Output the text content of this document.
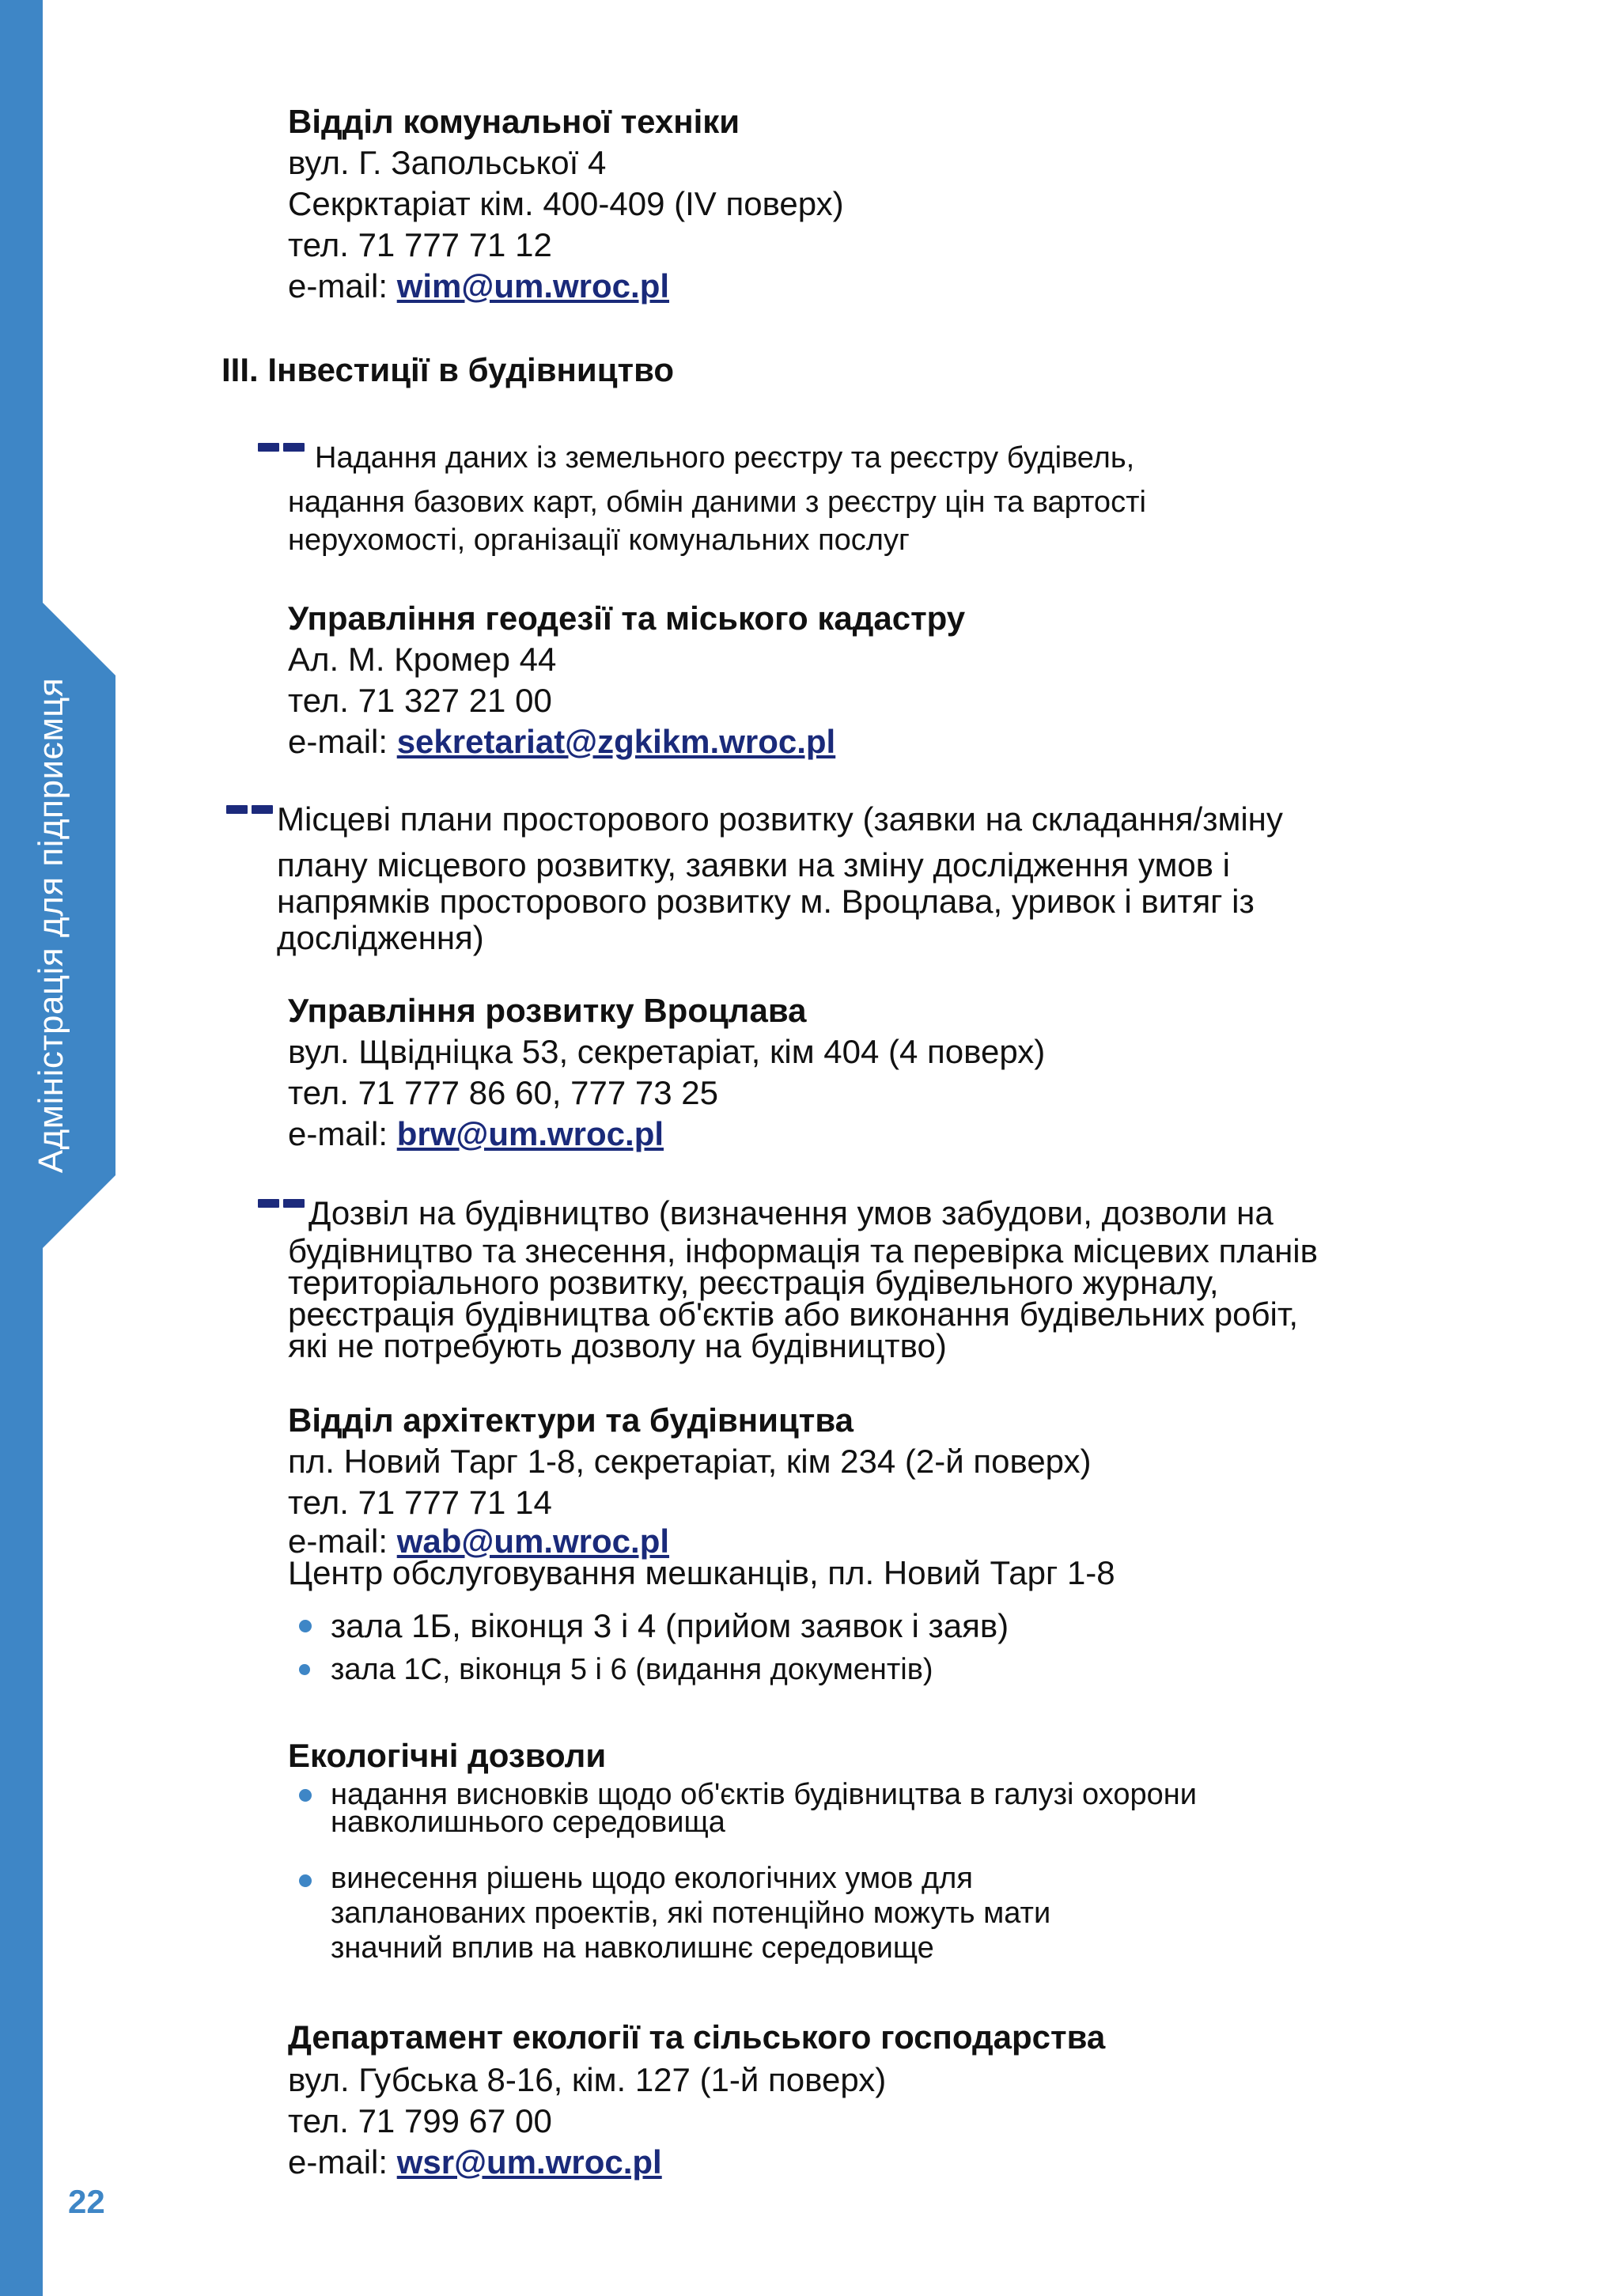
Адміністрація для підприємця
22
Відділ комунальної техніки
вул. Г. Запольської 4
Секрктаріат кім. 400-409 (IV поверх)
тел. 71 777 71 12
e-mail: wim@um.wroc.pl
III. Інвестиції в будівництво
Надання даних із земельного реєстру та реєстру будівель,
надання базових карт, обмін даними з реєстру цін та вартості
нерухомості, організації комунальних послуг
Управління геодезії та міського кадастру
Ал. М. Кромер 44
тел. 71 327 21 00
e-mail: sekretariat@zgkikm.wroc.pl
Місцеві плани просторового розвитку (заявки на складання/зміну
плану місцевого розвитку, заявки на зміну дослідження умов і
напрямків просторового розвитку м. Вроцлава, уривок і витяг із
дослідження)
Управління розвитку Вроцлава
вул. Щвідніцка 53, секретаріат, кім 404 (4 поверх)
тел. 71 777 86 60, 777 73 25
e-mail: brw@um.wroc.pl
Дозвіл на будівництво (визначення умов забудови, дозволи на
будівництво та знесення, інформація та перевірка місцевих планів
територіального розвитку, реєстрація будівельного журналу,
реєстрація будівництва об'єктів або виконання будівельних робіт,
які не потребують дозволу на будівництво)
Відділ архітектури та будівництва
пл. Новий Тарг 1-8, секретаріат, кім 234 (2-й поверх)
тел. 71 777 71 14
e-mail: wab@um.wroc.pl
Центр обслуговування мешканців, пл. Новий Тарг 1-8
зала 1Б, віконця 3 і 4 (прийом заявок і заяв)
зала 1С, віконця 5 і 6 (видання документів)
Екологічні дозволи
надання висновків щодо об'єктів будівництва в галузі охорони
навколишнього середовища
винесення рішень щодо екологічних умов для
запланованих проектів, які потенційно можуть мати
значний вплив на навколишнє середовище
Департамент екології та сільського господарства
вул. Губська 8-16, кім. 127 (1-й поверх)
тел. 71 799 67 00
e-mail: wsr@um.wroc.pl
